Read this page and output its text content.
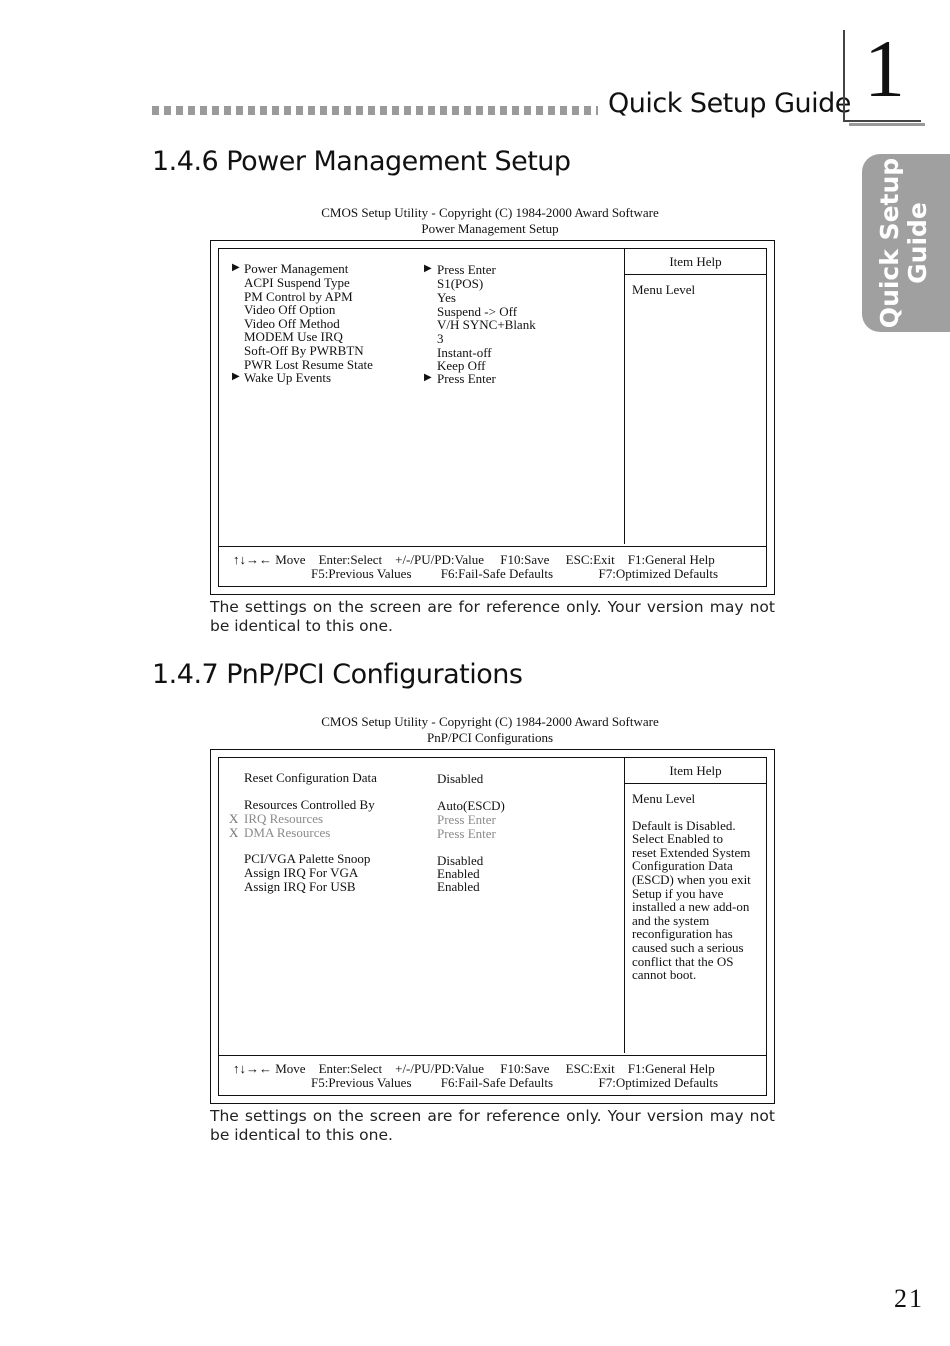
Quick Setup Guide 1
Quick Setup
Guide
1.4.6 Power Management Setup
CMOS Setup Utility - Copyright (C) 1984-2000 Award Software
Power Management Setup
▶ Power Management	▶ Press Enter
ACPI Suspend Type	S1(POS)
PM Control by APM	Yes
Video Off Option	Suspend -> Off
Video Off Method	V/H SYNC+Blank
MODEM Use IRQ	3
Soft-Off By PWRBTN	Instant-off
PWR Lost Resume State	Keep Off
▶ Wake Up Events	▶ Press Enter
Item Help
Menu Level
↑↓→← Move    Enter:Select    +/-/PU/PD:Value     F10:Save     ESC:Exit    F1:General Help
F5:Previous Values         F6:Fail-Safe Defaults              F7:Optimized Defaults
The settings on the screen are for reference only. Your version may not be identical to this one.
1.4.7 PnP/PCI Configurations
CMOS Setup Utility - Copyright (C) 1984-2000 Award Software
PnP/PCI Configurations
Reset Configuration Data	Disabled
Resources Controlled By	Auto(ESCD)
X IRQ Resources	Press Enter
X DMA Resources	Press Enter
PCI/VGA Palette Snoop	Disabled
Assign IRQ For VGA	Enabled
Assign IRQ For USB	Enabled
Item Help
Menu Level
Default is Disabled.
Select Enabled to
reset Extended System
Configuration Data
(ESCD) when you exit
Setup if you have
installed a new add-on
and the system
reconfiguration has
caused such a serious
conflict that the OS
cannot boot.
↑↓→← Move    Enter:Select    +/-/PU/PD:Value     F10:Save     ESC:Exit    F1:General Help
F5:Previous Values         F6:Fail-Safe Defaults              F7:Optimized Defaults
The settings on the screen are for reference only. Your version may not be identical to this one.
21
